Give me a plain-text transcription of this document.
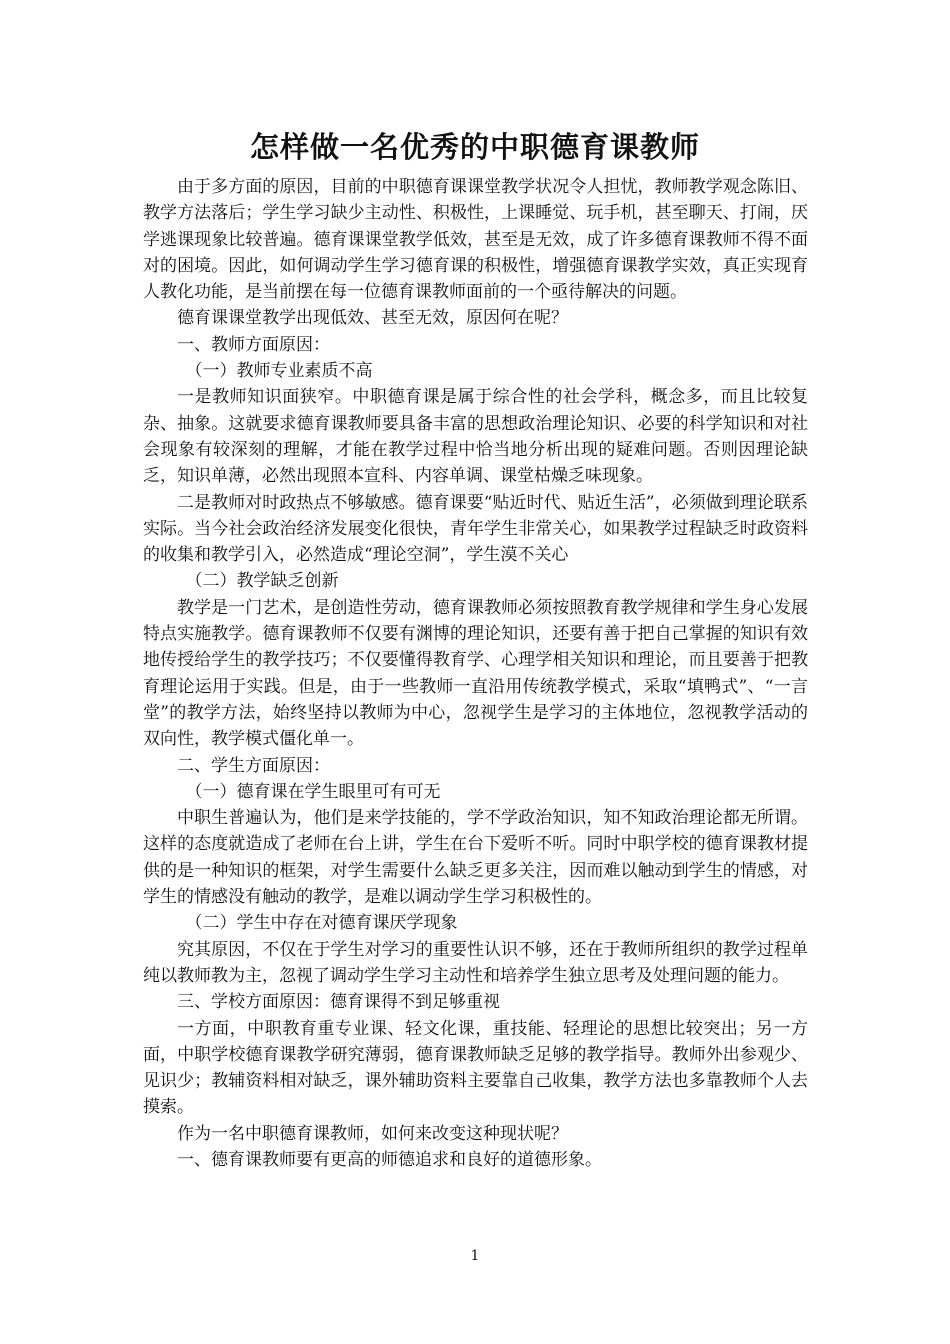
怎样做一名优秀的中职德育课教师

由于多方面的原因，目前的中职德育课课堂教学状况令人担忧，教师教学观念陈旧、教学方法落后；学生学习缺少主动性、积极性，上课睡觉、玩手机，甚至聊天、打闹，厌学逃课现象比较普遍。德育课课堂教学低效，甚至是无效，成了许多德育课教师不得不面对的困境。因此，如何调动学生学习德育课的积极性，增强德育课教学实效，真正实现育人教化功能，是当前摆在每一位德育课教师面前的一个亟待解决的问题。

德育课课堂教学出现低效、甚至无效，原因何在呢？

一、教师方面原因：

（一）教师专业素质不高

一是教师知识面狭窄。中职德育课是属于综合性的社会学科，概念多，而且比较复杂、抽象。这就要求德育课教师要具备丰富的思想政治理论知识、必要的科学知识和对社会现象有较深刻的理解，才能在教学过程中恰当地分析出现的疑难问题。否则因理论缺乏，知识单薄，必然出现照本宣科、内容单调、课堂枯燥乏味现象。

二是教师对时政热点不够敏感。德育课要“贴近时代、贴近生活”，必须做到理论联系实际。当今社会政治经济发展变化很快，青年学生非常关心，如果教学过程缺乏时政资料的收集和教学引入，必然造成“理论空洞”，学生漠不关心

（二）教学缺乏创新

教学是一门艺术，是创造性劳动，德育课教师必须按照教育教学规律和学生身心发展特点实施教学。德育课教师不仅要有渊博的理论知识，还要有善于把自己掌握的知识有效地传授给学生的教学技巧；不仅要懂得教育学、心理学相关知识和理论，而且要善于把教育理论运用于实践。但是，由于一些教师一直沿用传统教学模式，采取“填鸭式”、“一言堂”的教学方法，始终坚持以教师为中心，忽视学生是学习的主体地位，忽视教学活动的双向性，教学模式僵化单一。

二、学生方面原因：

（一）德育课在学生眼里可有可无

中职生普遍认为，他们是来学技能的，学不学政治知识，知不知政治理论都无所谓。这样的态度就造成了老师在台上讲，学生在台下爱听不听。同时中职学校的德育课教材提供的是一种知识的框架，对学生需要什么缺乏更多关注，因而难以触动到学生的情感，对学生的情感没有触动的教学，是难以调动学生学习积极性的。

（二）学生中存在对德育课厌学现象

究其原因，不仅在于学生对学习的重要性认识不够，还在于教师所组织的教学过程单纯以教师教为主，忽视了调动学生学习主动性和培养学生独立思考及处理问题的能力。

三、学校方面原因：德育课得不到足够重视

一方面，中职教育重专业课、轻文化课，重技能、轻理论的思想比较突出；另一方面，中职学校德育课教学研究薄弱，德育课教师缺乏足够的教学指导。教师外出参观少、见识少；教辅资料相对缺乏，课外辅助资料主要靠自己收集，教学方法也多靠教师个人去摸索。

作为一名中职德育课教师，如何来改变这种现状呢？

一、德育课教师要有更高的师德追求和良好的道德形象。

1
